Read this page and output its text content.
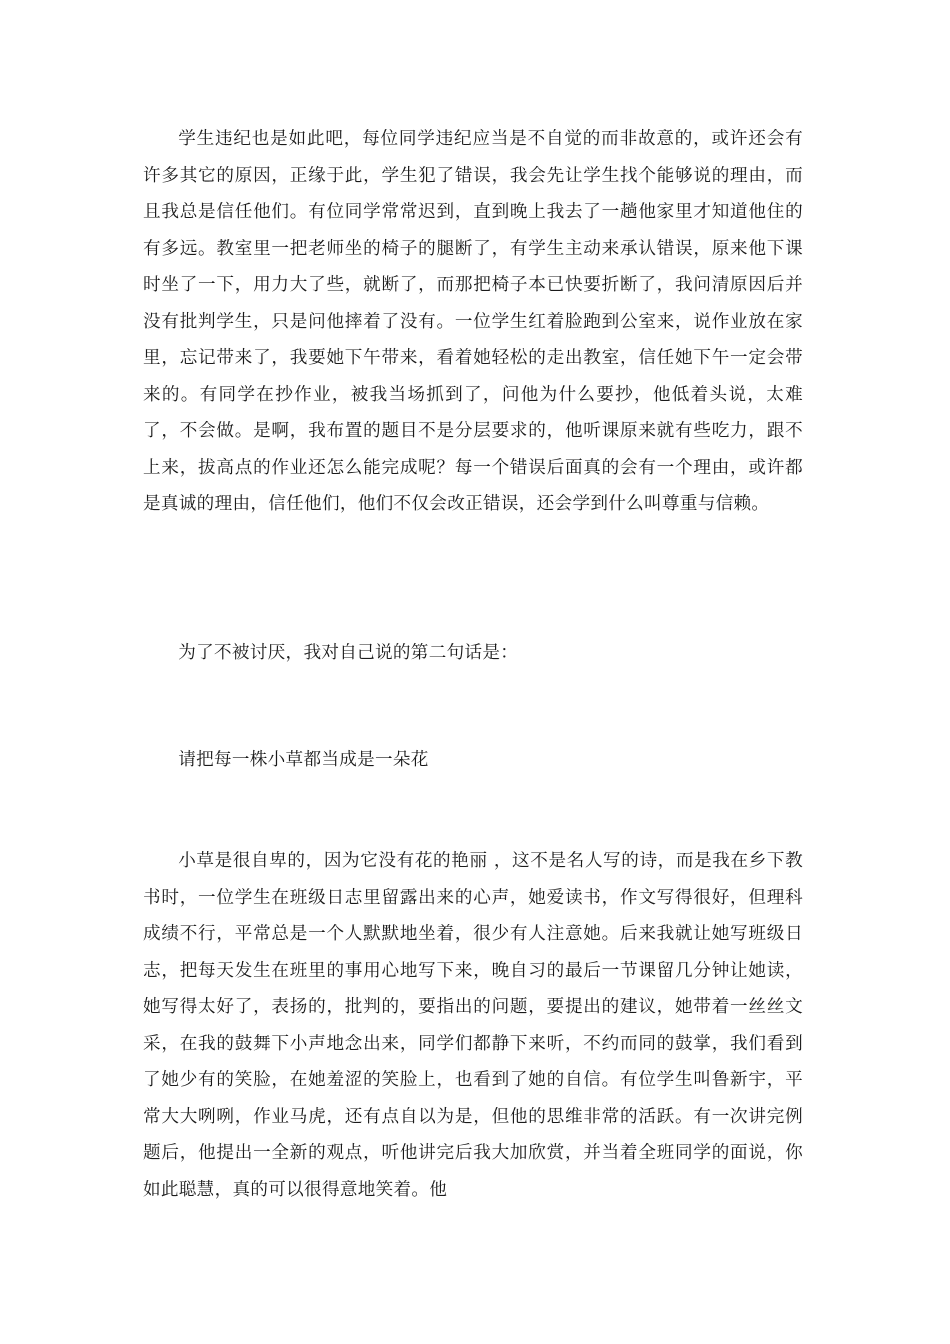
学生违纪也是如此吧，每位同学违纪应当是不自觉的而非故意的，或许还会有许多其它的原因，正缘于此，学生犯了错误，我会先让学生找个能够说的理由，而且我总是信任他们。有位同学常常迟到，直到晚上我去了一趟他家里才知道他住的有多远。教室里一把老师坐的椅子的腿断了，有学生主动来承认错误，原来他下课时坐了一下，用力大了些，就断了，而那把椅子本已快要折断了，我问清原因后并没有批判学生，只是问他摔着了没有。一位学生红着脸跑到公室来，说作业放在家里，忘记带来了，我要她下午带来，看着她轻松的走出教室，信任她下午一定会带来的。有同学在抄作业，被我当场抓到了，问他为什么要抄，他低着头说，太难了，不会做。是啊，我布置的题目不是分层要求的，他听课原来就有些吃力，跟不上来，拔高点的作业还怎么能完成呢？每一个错误后面真的会有一个理由，或许都是真诚的理由，信任他们，他们不仅会改正错误，还会学到什么叫尊重与信赖。

为了不被讨厌，我对自己说的第二句话是：

请把每一株小草都当成是一朵花

小草是很自卑的，因为它没有花的艳丽 ，这不是名人写的诗，而是我在乡下教书时，一位学生在班级日志里留露出来的心声，她爱读书，作文写得很好，但理科成绩不行，平常总是一个人默默地坐着，很少有人注意她。后来我就让她写班级日志，把每天发生在班里的事用心地写下来，晚自习的最后一节课留几分钟让她读，她写得太好了，表扬的，批判的，要指出的问题，要提出的建议，她带着一丝丝文采，在我的鼓舞下小声地念出来，同学们都静下来听，不约而同的鼓掌，我们看到了她少有的笑脸，在她羞涩的笑脸上，也看到了她的自信。有位学生叫鲁新宇，平常大大咧咧，作业马虎，还有点自以为是，但他的思维非常的活跃。有一次讲完例题后，他提出一全新的观点，听他讲完后我大加欣赏，并当着全班同学的面说，你如此聪慧，真的可以很得意地笑着。他
